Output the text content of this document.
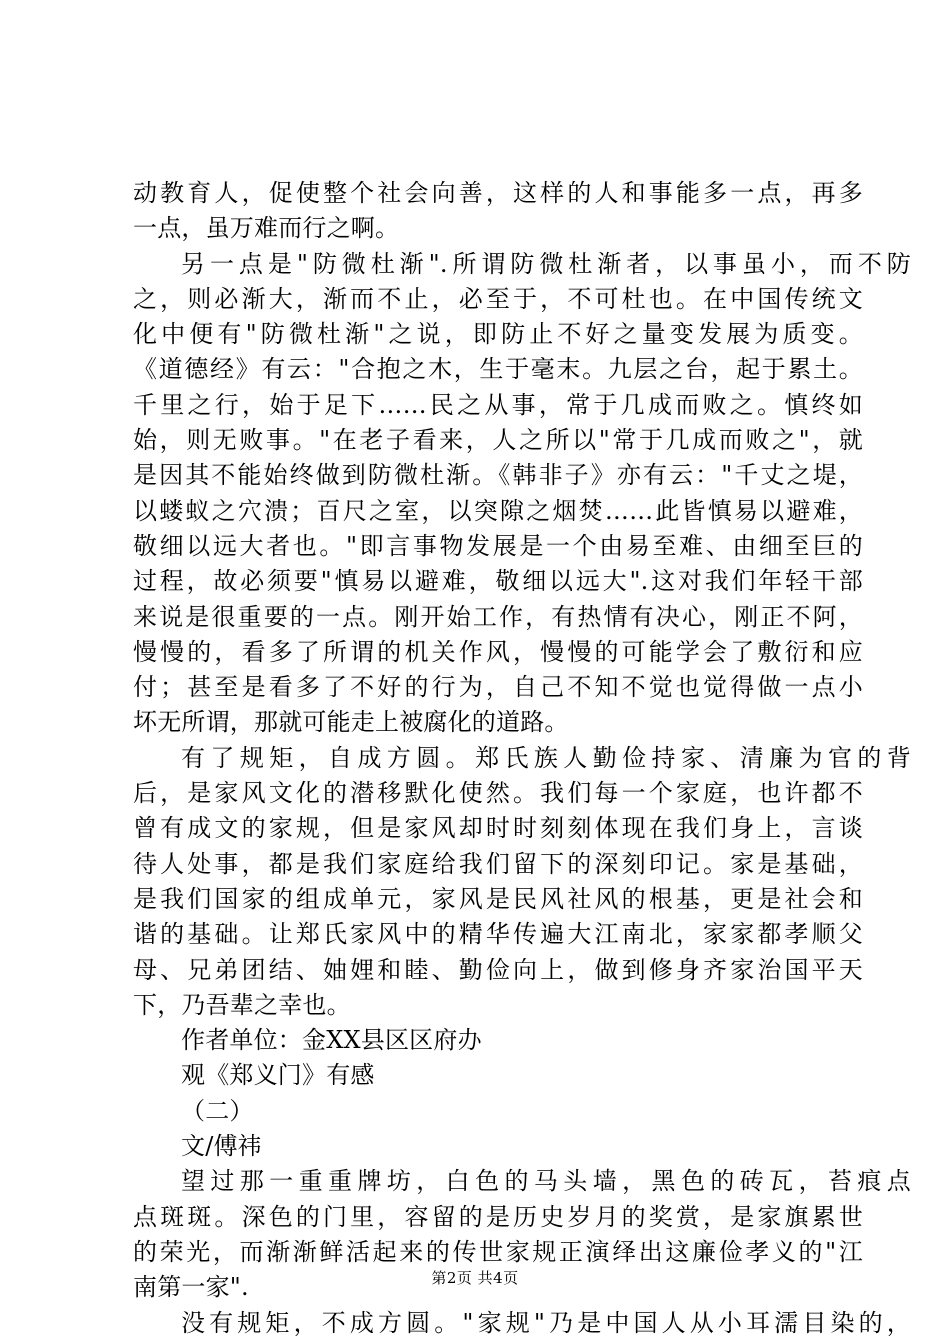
动教育人，促使整个社会向善，这样的人和事能多一点，再多
一点，虽万难而行之啊。
另一点是"防微杜渐".所谓防微杜渐者，以事虽小，而不防
之，则必渐大，渐而不止，必至于，不可杜也。在中国传统文
化中便有"防微杜渐"之说，即防止不好之量变发展为质变。
《道德经》有云："合抱之木，生于毫末。九层之台，起于累土。
千里之行，始于足下……民之从事，常于几成而败之。慎终如
始，则无败事。"在老子看来，人之所以"常于几成而败之"，就
是因其不能始终做到防微杜渐。《韩非子》亦有云："千丈之堤，
以蝼蚁之穴溃；百尺之室，以突隙之烟焚……此皆慎易以避难，
敬细以远大者也。"即言事物发展是一个由易至难、由细至巨的
过程，故必须要"慎易以避难，敬细以远大".这对我们年轻干部
来说是很重要的一点。刚开始工作，有热情有决心，刚正不阿，
慢慢的，看多了所谓的机关作风，慢慢的可能学会了敷衍和应
付；甚至是看多了不好的行为，自己不知不觉也觉得做一点小
坏无所谓，那就可能走上被腐化的道路。
有了规矩，自成方圆。郑氏族人勤俭持家、清廉为官的背
后，是家风文化的潜移默化使然。我们每一个家庭，也许都不
曾有成文的家规，但是家风却时时刻刻体现在我们身上，言谈
待人处事，都是我们家庭给我们留下的深刻印记。家是基础，
是我们国家的组成单元，家风是民风社风的根基，更是社会和
谐的基础。让郑氏家风中的精华传遍大江南北，家家都孝顺父
母、兄弟团结、妯娌和睦、勤俭向上，做到修身齐家治国平天
下，乃吾辈之幸也。
作者单位：金XX县区区府办
观《郑义门》有感
（二）
文/傅祎
望过那一重重牌坊，白色的马头墙，黑色的砖瓦，苔痕点
点斑斑。深色的门里，容留的是历史岁月的奖赏，是家旗累世
的荣光，而渐渐鲜活起来的传世家规正演绎出这廉俭孝义的"江
南第一家".
没有规矩，不成方圆。"家规"乃是中国人从小耳濡目染的，
第2页 共4页
